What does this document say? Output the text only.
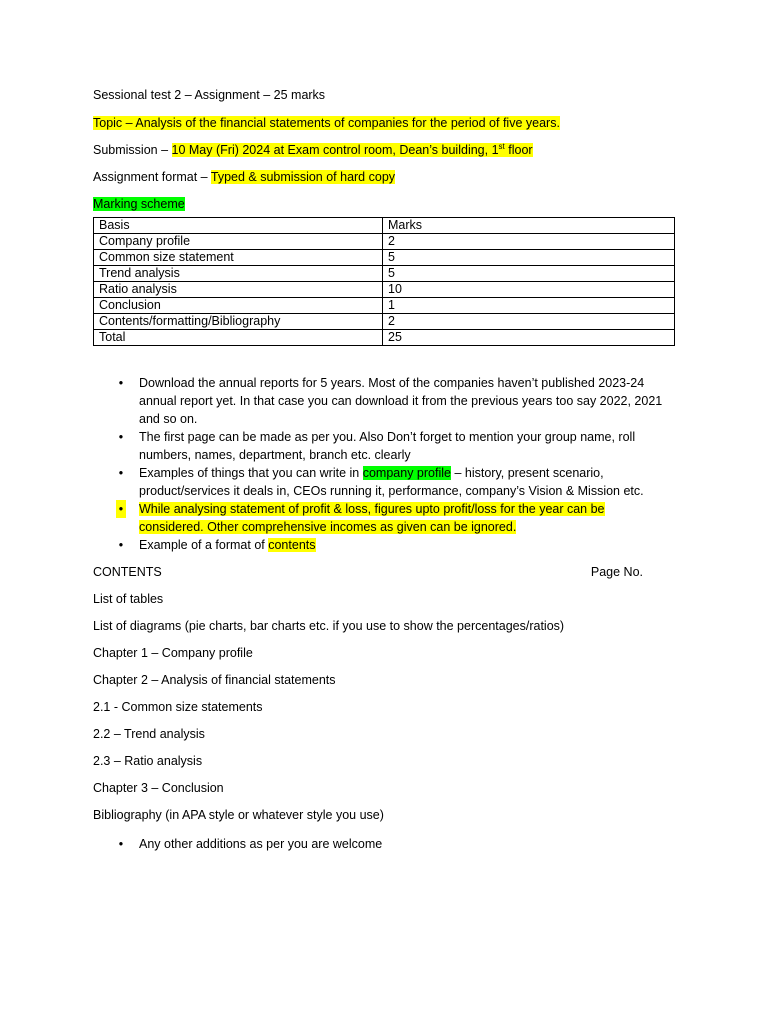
Sessional test 2 – Assignment – 25 marks

Topic – Analysis of the financial statements of companies for the period of five years.

Submission – 10 May (Fri) 2024 at Exam control room, Dean’s building, 1st floor

Assignment format – Typed & submission of hard copy

Marking scheme

Basis	Marks
Company profile	2
Common size statement	5
Trend analysis	5
Ratio analysis	10
Conclusion	1
Contents/formatting/Bibliography	2
Total	25
• Download the annual reports for 5 years. Most of the companies haven’t published 2023-24 annual report yet. In that case you can download it from the previous years too say 2022, 2021 and so on.
• The first page can be made as per you. Also Don’t forget to mention your group name, roll numbers, names, department, branch etc. clearly
• Examples of things that you can write in company profile – history, present scenario, product/services it deals in, CEOs running it, performance, company’s Vision & Mission etc.
• While analysing statement of profit & loss, figures upto profit/loss for the year can be
considered. Other comprehensive incomes as given can be ignored.
• Example of a format of contents
CONTENTS	Page No.

List of tables

List of diagrams (pie charts, bar charts etc. if you use to show the percentages/ratios)

Chapter 1 – Company profile

Chapter 2 – Analysis of financial statements

2.1 - Common size statements

2.2 – Trend analysis

2.3 – Ratio analysis

Chapter 3 – Conclusion

Bibliography (in APA style or whatever style you use)

• Any other additions as per you are welcome
